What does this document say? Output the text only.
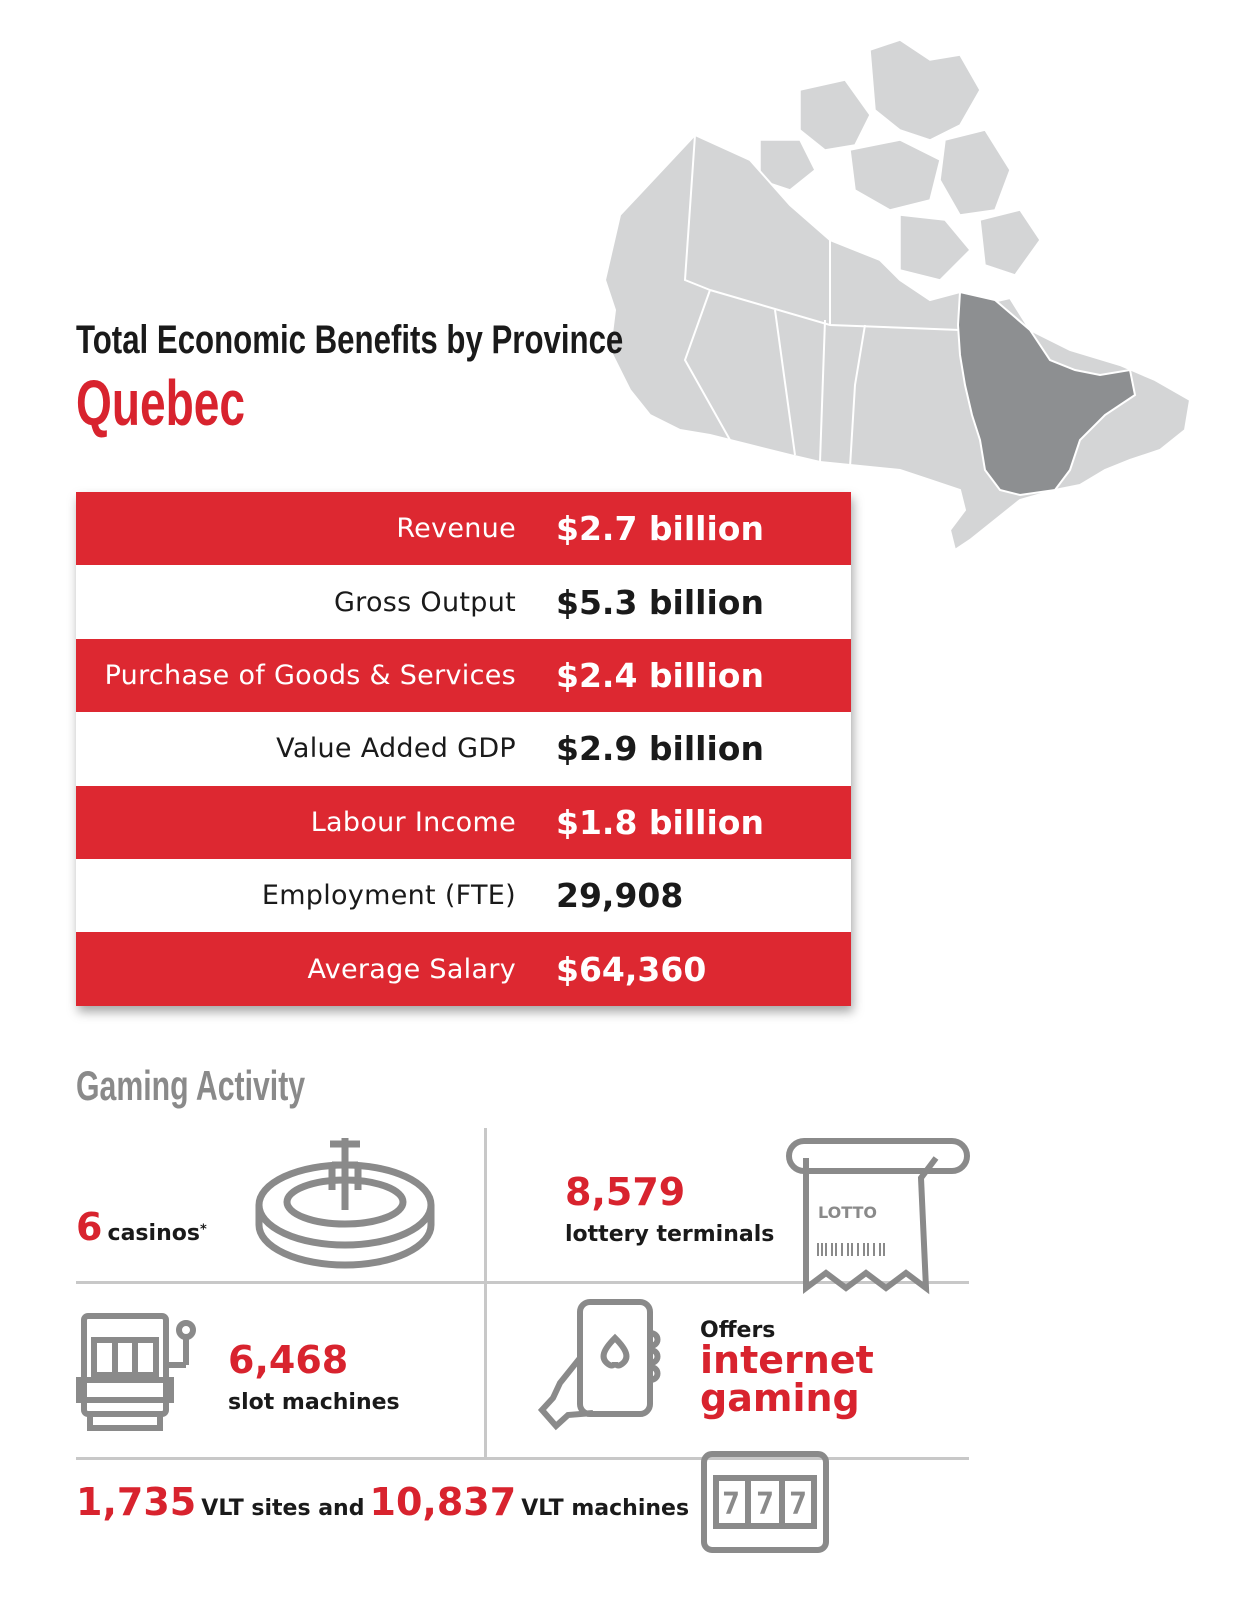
Total Economic Benefits by Province
Quebec
Revenue $2.7 billion
Gross Output $5.3 billion
Purchase of Goods & Services $2.4 billion
Value Added GDP $2.9 billion
Labour Income $1.8 billion
Employment (FTE) 29,908
Average Salary $64,360
Gaming Activity
6 casinos*
8,579
lottery terminals
LOTTO
6,468
slot machines
Offers
internet
gaming
1,735 VLT sites and 10,837 VLT machines 7 7 7
